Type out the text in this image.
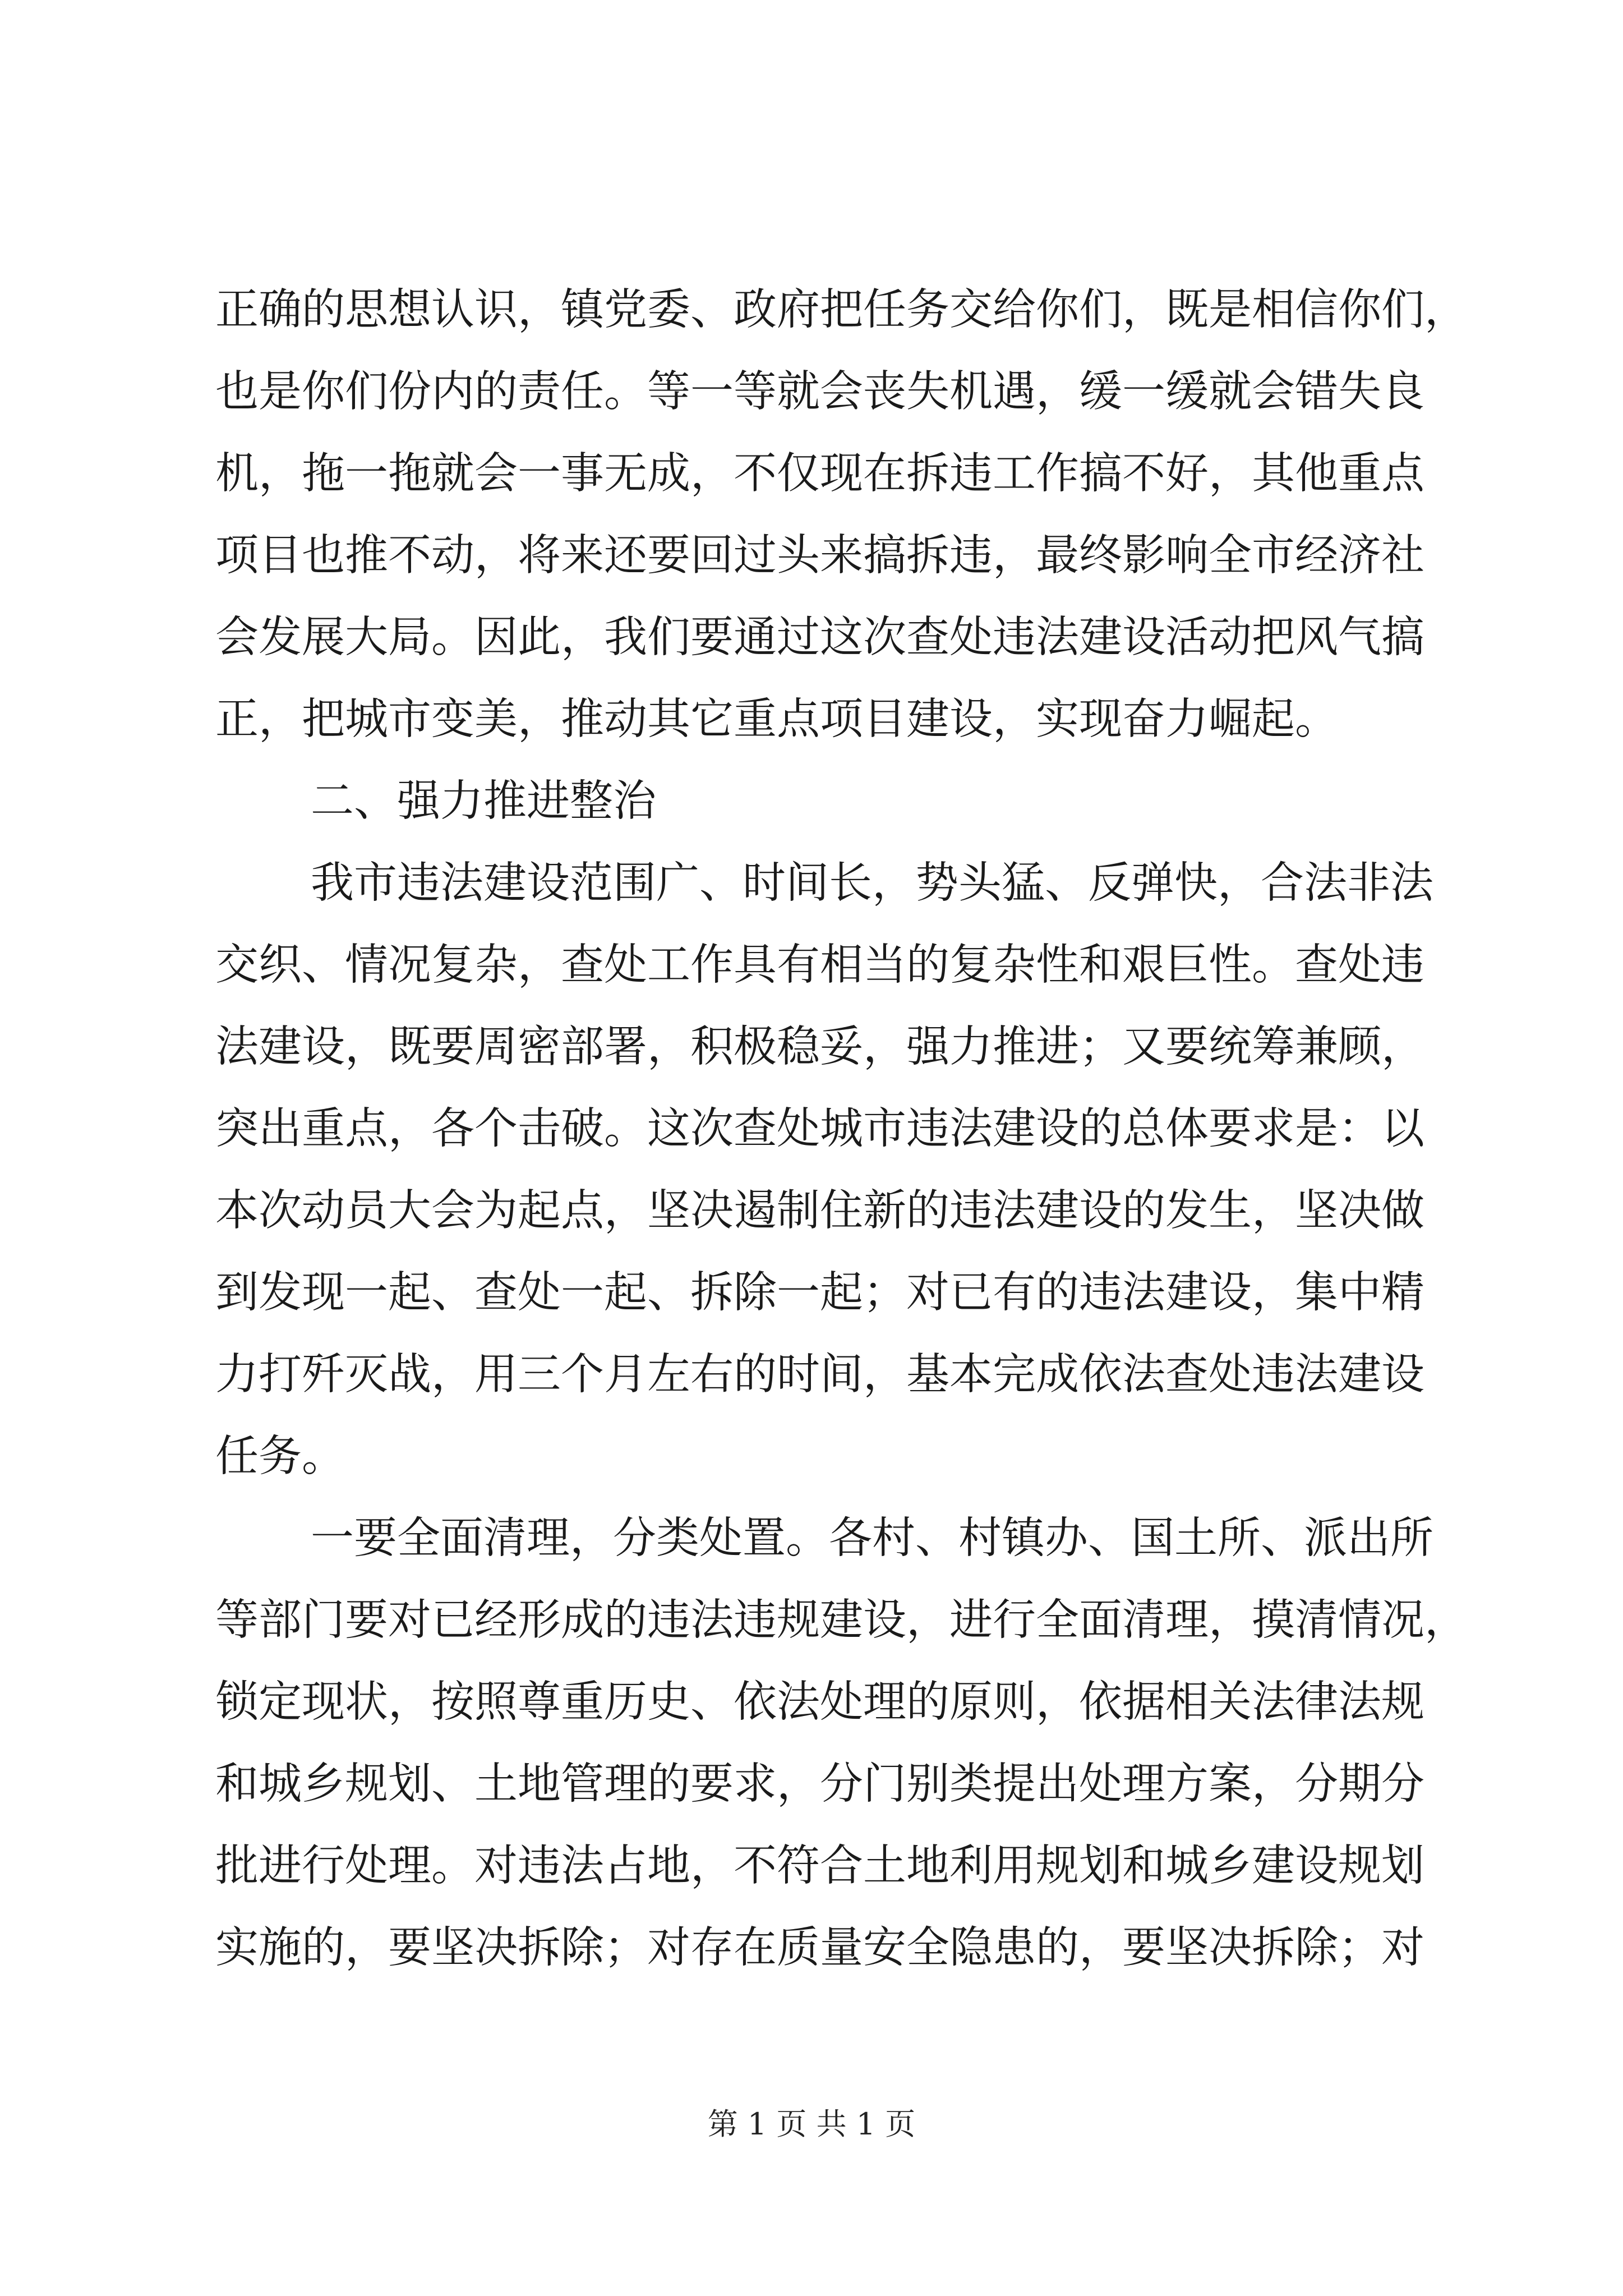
正确的思想认识，镇党委、政府把任务交给你们，既是相信你们，
也是你们份内的责任。等一等就会丧失机遇，缓一缓就会错失良
机，拖一拖就会一事无成，不仅现在拆违工作搞不好，其他重点
项目也推不动，将来还要回过头来搞拆违，最终影响全市经济社
会发展大局。因此，我们要通过这次查处违法建设活动把风气搞
正，把城市变美，推动其它重点项目建设，实现奋力崛起。
二、强力推进整治
我市违法建设范围广、时间长，势头猛、反弹快，合法非法
交织、情况复杂，查处工作具有相当的复杂性和艰巨性。查处违
法建设，既要周密部署，积极稳妥，强力推进；又要统筹兼顾，
突出重点，各个击破。这次查处城市违法建设的总体要求是：以
本次动员大会为起点，坚决遏制住新的违法建设的发生，坚决做
到发现一起、查处一起、拆除一起；对已有的违法建设，集中精
力打歼灭战，用三个月左右的时间，基本完成依法查处违法建设
任务。
一要全面清理，分类处置。各村、村镇办、国土所、派出所
等部门要对已经形成的违法违规建设，进行全面清理，摸清情况，
锁定现状，按照尊重历史、依法处理的原则，依据相关法律法规
和城乡规划、土地管理的要求，分门别类提出处理方案，分期分
批进行处理。对违法占地，不符合土地利用规划和城乡建设规划
实施的，要坚决拆除；对存在质量安全隐患的，要坚决拆除；对
第 1 页 共 1 页
